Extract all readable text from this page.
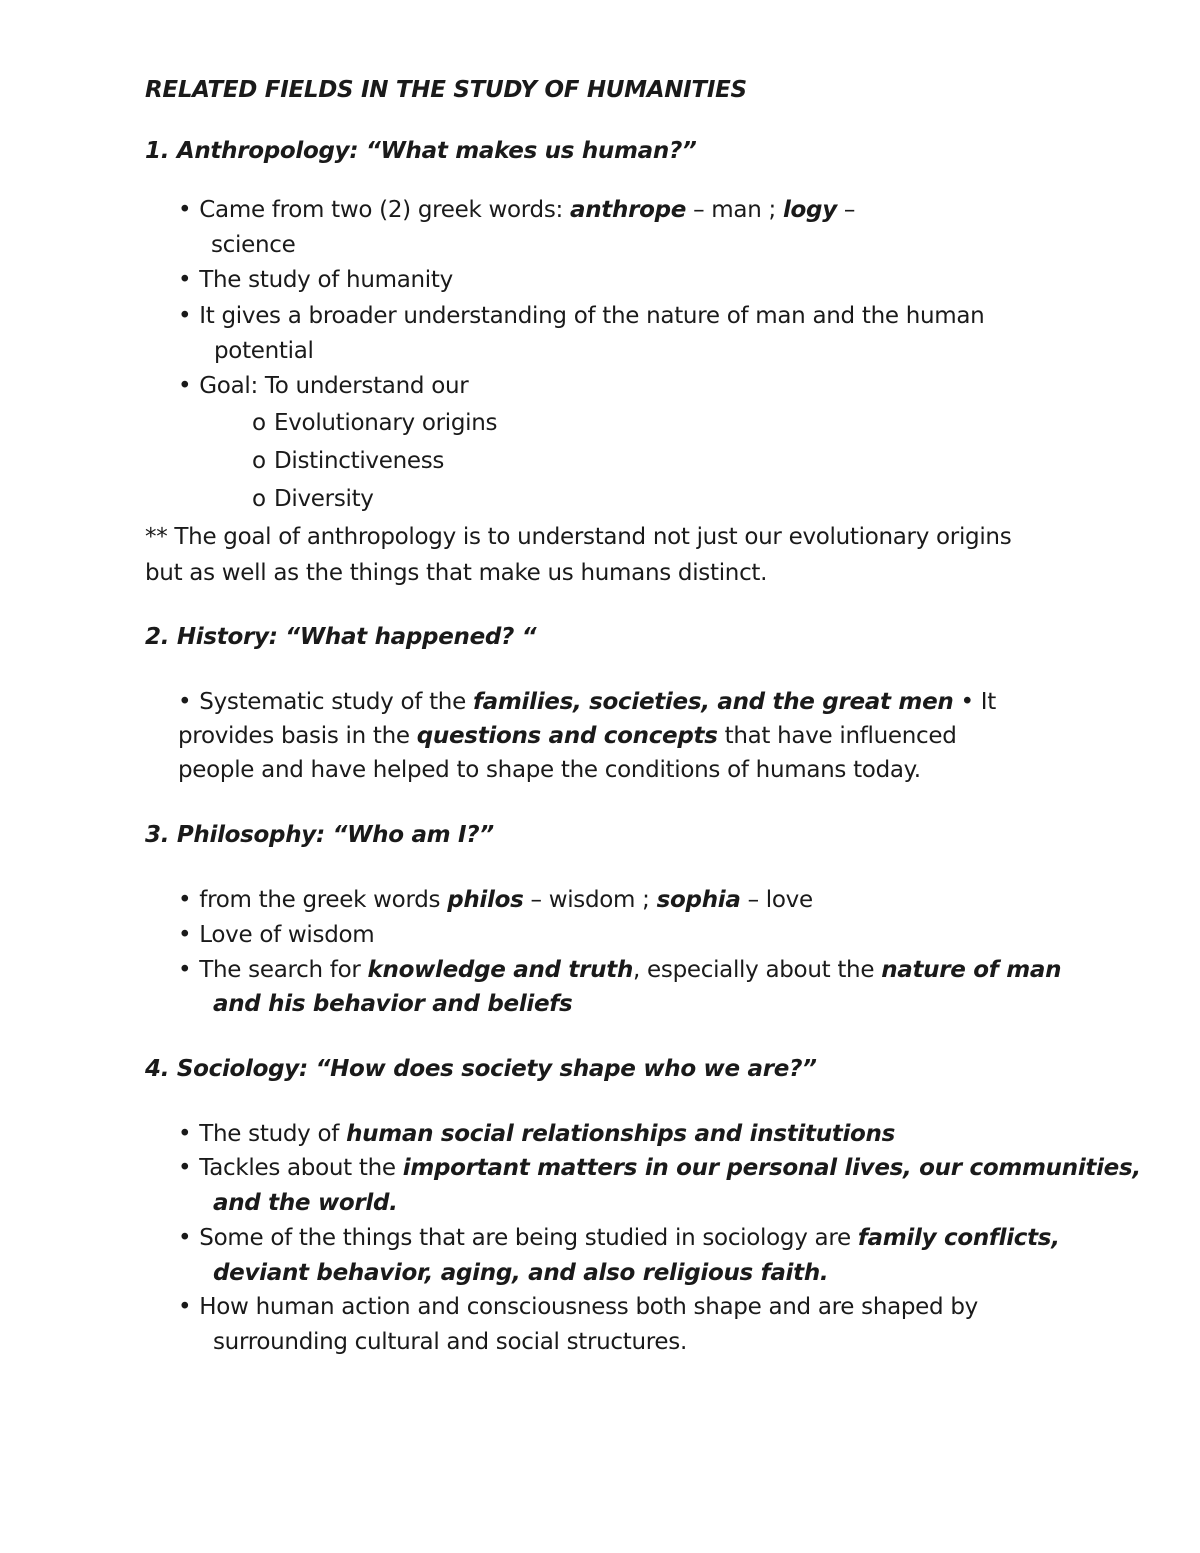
RELATED FIELDS IN THE STUDY OF HUMANITIES
1. Anthropology: “What makes us human?”
• Came from two (2) greek words: anthrope – man ; logy –
science
• The study of humanity
• It gives a broader understanding of the nature of man and the human
potential
• Goal: To understand our
o Evolutionary origins
o Distinctiveness
o Diversity
** The goal of anthropology is to understand not just our evolutionary origins
but as well as the things that make us humans distinct.
2. History: “What happened? “
• Systematic study of the families, societies, and the great men • It
provides basis in the questions and concepts that have influenced
people and have helped to shape the conditions of humans today.
3. Philosophy: “Who am I?”
• from the greek words philos – wisdom ; sophia – love
• Love of wisdom
• The search for knowledge and truth, especially about the nature of man
and his behavior and beliefs
4. Sociology: “How does society shape who we are?”
• The study of human social relationships and institutions
• Tackles about the important matters in our personal lives, our communities,
and the world.
• Some of the things that are being studied in sociology are family conflicts,
deviant behavior, aging, and also religious faith.
• How human action and consciousness both shape and are shaped by
surrounding cultural and social structures.
